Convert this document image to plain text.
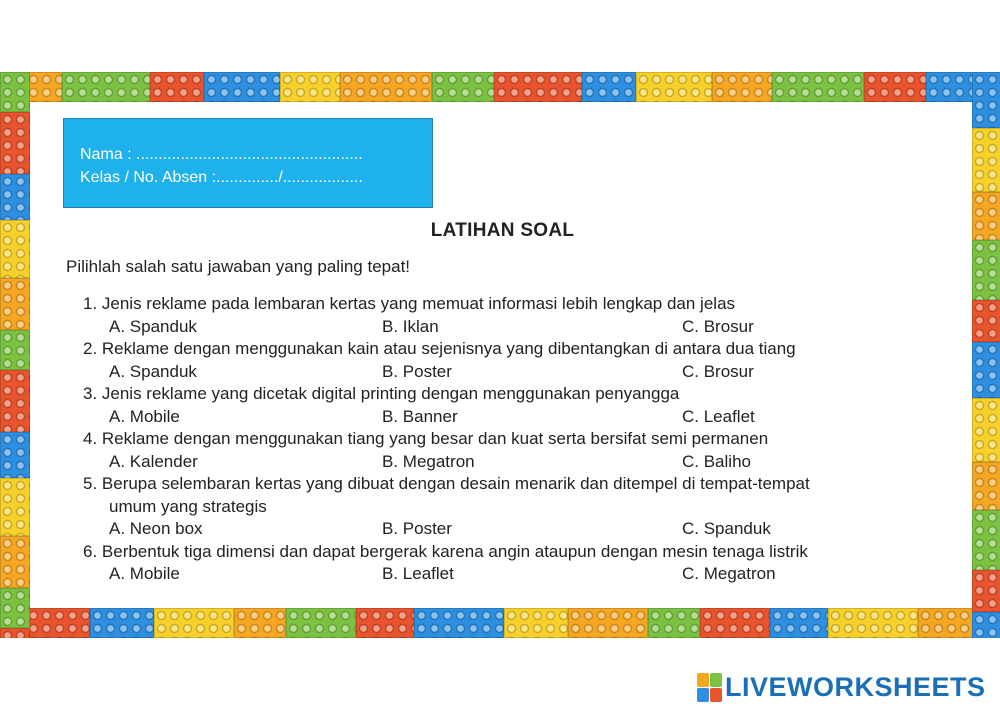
Nama : ...................................................
Kelas / No. Absen :............../..................
LATIHAN SOAL
Pilihlah salah satu jawaban yang paling tepat!
1. Jenis reklame pada lembaran kertas yang memuat informasi lebih lengkap dan jelas
A. Spanduk	B. Iklan	C. Brosur
2. Reklame dengan menggunakan kain atau sejenisnya yang dibentangkan di antara dua tiang
A. Spanduk	B. Poster	C. Brosur
3. Jenis reklame yang dicetak digital printing dengan menggunakan penyangga
A. Mobile	B. Banner	C. Leaflet
4. Reklame dengan menggunakan tiang yang besar dan kuat serta bersifat semi permanen
A. Kalender	B. Megatron	C. Baliho
5. Berupa selembaran kertas yang dibuat dengan desain menarik dan ditempel di tempat-tempat
umum yang strategis
A. Neon box	B. Poster	C. Spanduk
6. Berbentuk tiga dimensi dan dapat bergerak karena angin ataupun dengan mesin tenaga listrik
A. Mobile	B. Leaflet	C. Megatron
LIVEWORKSHEETS
